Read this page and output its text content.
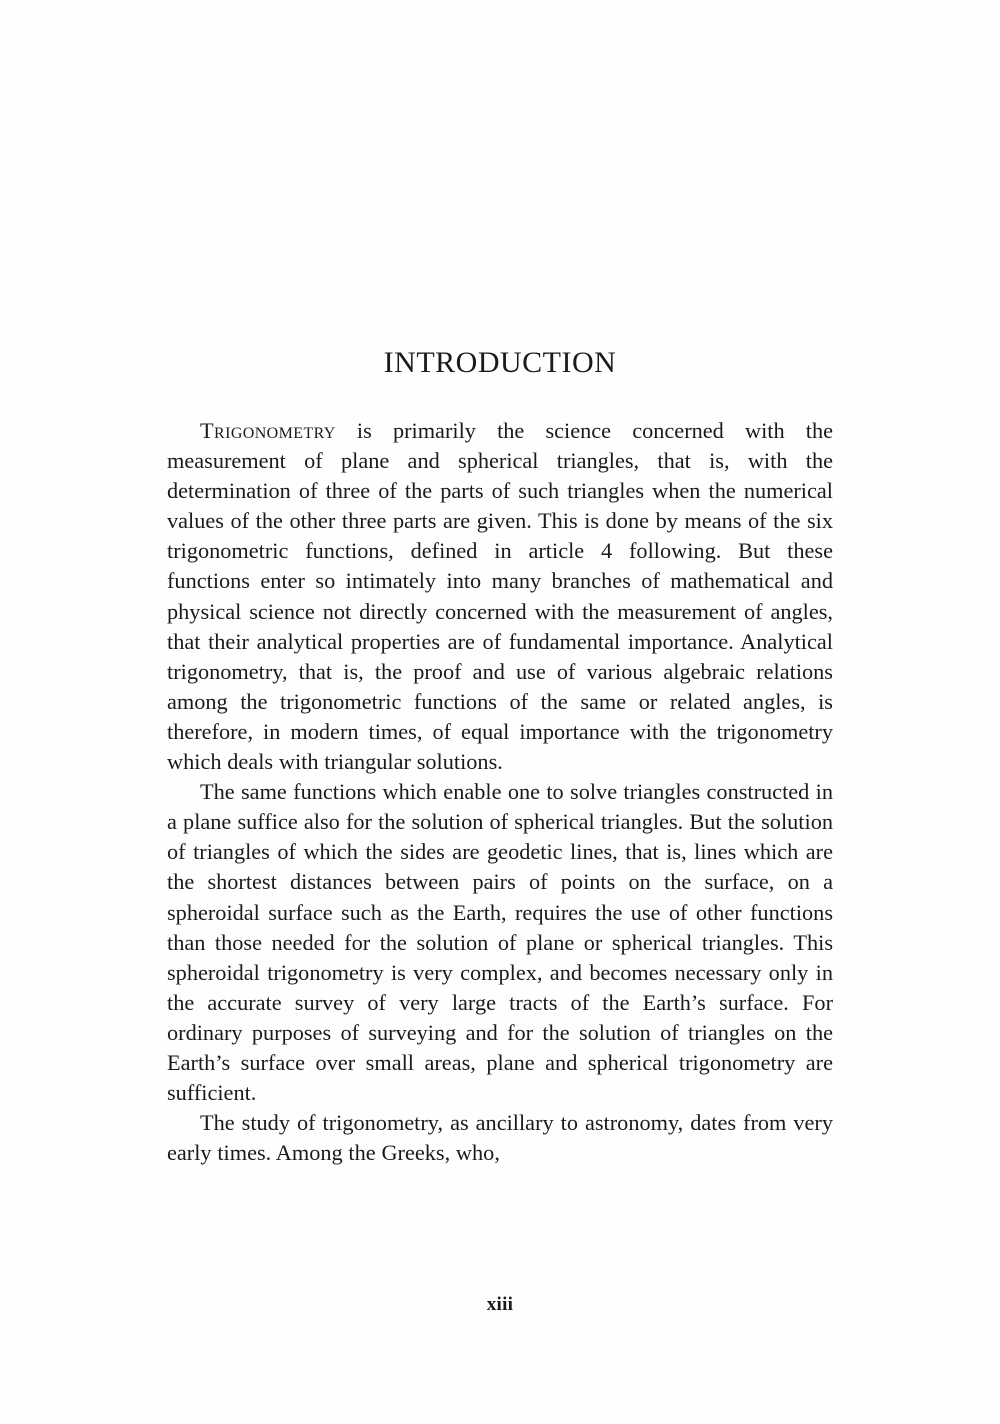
INTRODUCTION

Trigonometry is primarily the science concerned with the measurement of plane and spherical triangles, that is, with the determination of three of the parts of such triangles when the numerical values of the other three parts are given. This is done by means of the six trigonometric functions, defined in article 4 following. But these functions enter so intimately into many branches of mathematical and physical science not directly concerned with the measurement of angles, that their analytical properties are of fundamental importance. Analytical trigonometry, that is, the proof and use of various algebraic relations among the trigonometric functions of the same or related angles, is therefore, in modern times, of equal importance with the trigonometry which deals with triangular solutions.

The same functions which enable one to solve triangles constructed in a plane suffice also for the solution of spherical triangles. But the solution of triangles of which the sides are geodetic lines, that is, lines which are the shortest distances between pairs of points on the surface, on a spheroidal surface such as the Earth, requires the use of other functions than those needed for the solution of plane or spherical triangles. This spheroidal trigonometry is very complex, and becomes necessary only in the accurate survey of very large tracts of the Earth’s surface. For ordinary purposes of surveying and for the solution of triangles on the Earth’s surface over small areas, plane and spherical trigonometry are sufficient.

The study of trigonometry, as ancillary to astronomy, dates from very early times. Among the Greeks, who,

xiii
